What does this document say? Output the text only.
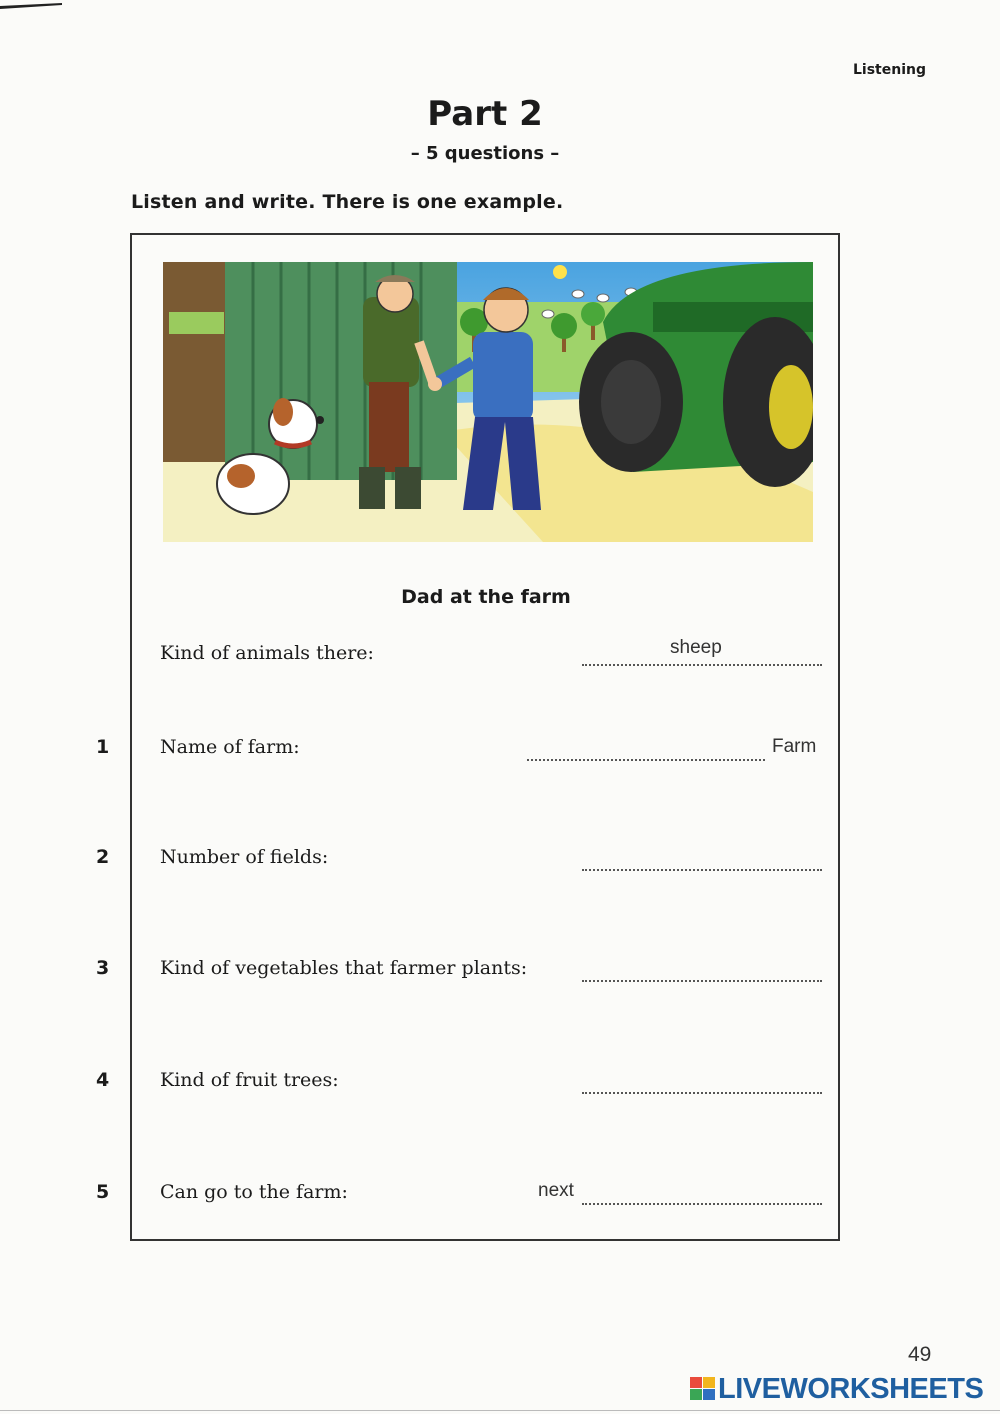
Listening
Part 2
– 5 questions –
Listen and write. There is one example.
Dad at the farm
Kind of animals there:	sheep
1	Name of farm:	Farm
2	Number of fields:
3	Kind of vegetables that farmer plants:
4	Kind of fruit trees:
5	Can go to the farm:	next
49
LIVEWORKSHEETS
